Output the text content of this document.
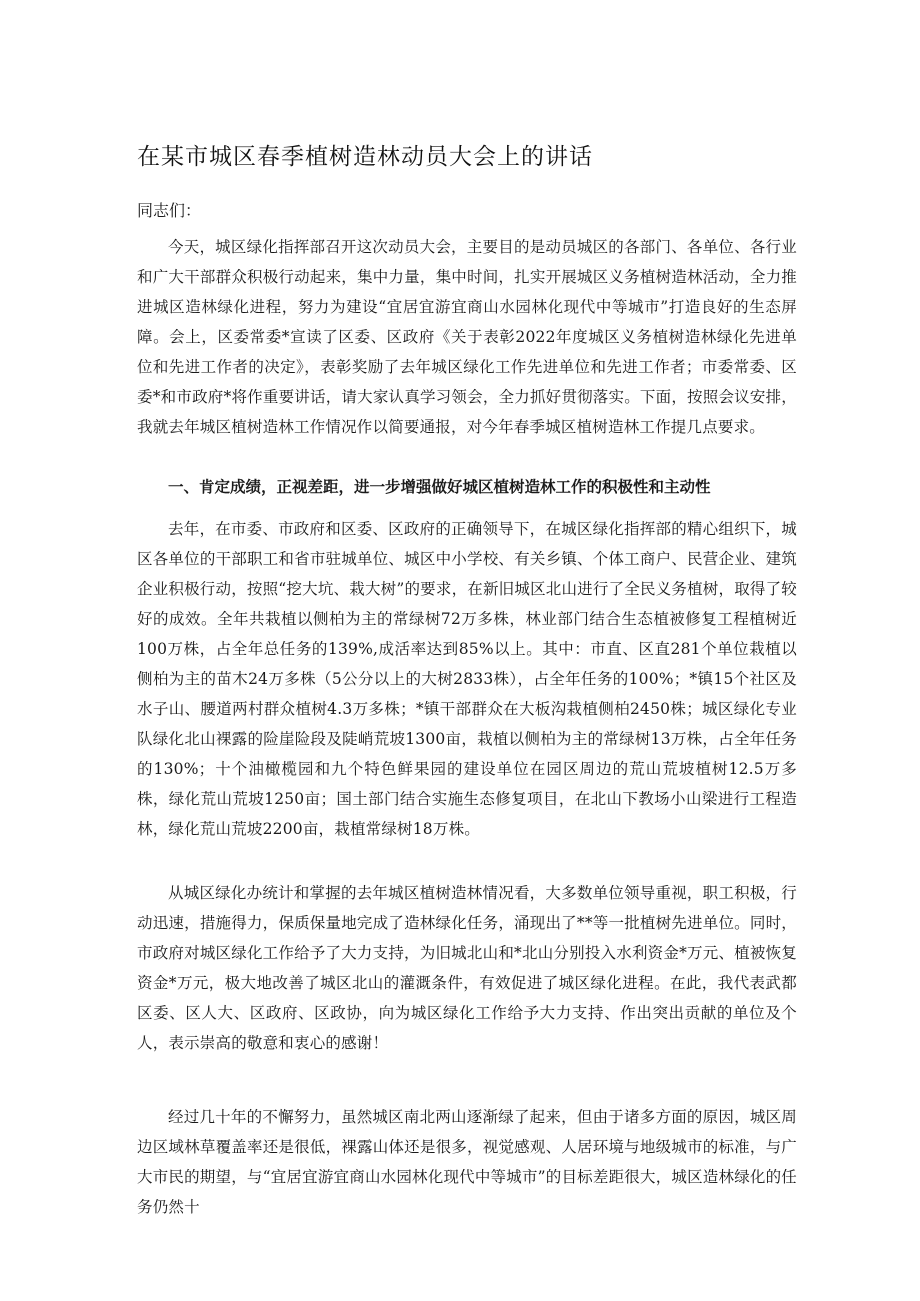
在某市城区春季植树造林动员大会上的讲话

同志们：

今天，城区绿化指挥部召开这次动员大会，主要目的是动员城区的各部门、各单位、各行业和广大干部群众积极行动起来，集中力量，集中时间，扎实开展城区义务植树造林活动，全力推进城区造林绿化进程，努力为建设“宜居宜游宜商山水园林化现代中等城市”打造良好的生态屏障。会上，区委常委*宣读了区委、区政府《关于表彰2022年度城区义务植树造林绿化先进单位和先进工作者的决定》，表彰奖励了去年城区绿化工作先进单位和先进工作者；市委常委、区委*和市政府*将作重要讲话，请大家认真学习领会，全力抓好贯彻落实。下面，按照会议安排，我就去年城区植树造林工作情况作以简要通报，对今年春季城区植树造林工作提几点要求。

一、肯定成绩，正视差距，进一步增强做好城区植树造林工作的积极性和主动性

去年，在市委、市政府和区委、区政府的正确领导下，在城区绿化指挥部的精心组织下，城区各单位的干部职工和省市驻城单位、城区中小学校、有关乡镇、个体工商户、民营企业、建筑企业积极行动，按照“挖大坑、栽大树”的要求，在新旧城区北山进行了全民义务植树，取得了较好的成效。全年共栽植以侧柏为主的常绿树72万多株，林业部门结合生态植被修复工程植树近100万株，占全年总任务的139%,成活率达到85%以上。其中：市直、区直281个单位栽植以侧柏为主的苗木24万多株（5公分以上的大树2833株），占全年任务的100%；*镇15个社区及水子山、腰道两村群众植树4.3万多株；*镇干部群众在大板沟栽植侧柏2450株；城区绿化专业队绿化北山裸露的险崖险段及陡峭荒坡1300亩，栽植以侧柏为主的常绿树13万株，占全年任务的130%；十个油橄榄园和九个特色鲜果园的建设单位在园区周边的荒山荒坡植树12.5万多株，绿化荒山荒坡1250亩；国土部门结合实施生态修复项目，在北山下教场小山梁进行工程造林，绿化荒山荒坡2200亩，栽植常绿树18万株。

从城区绿化办统计和掌握的去年城区植树造林情况看，大多数单位领导重视，职工积极，行动迅速，措施得力，保质保量地完成了造林绿化任务，涌现出了**等一批植树先进单位。同时，市政府对城区绿化工作给予了大力支持，为旧城北山和*北山分别投入水利资金*万元、植被恢复资金*万元，极大地改善了城区北山的灌溉条件，有效促进了城区绿化进程。在此，我代表武都区委、区人大、区政府、区政协，向为城区绿化工作给予大力支持、作出突出贡献的单位及个人，表示崇高的敬意和衷心的感谢！

经过几十年的不懈努力，虽然城区南北两山逐渐绿了起来，但由于诸多方面的原因，城区周边区域林草覆盖率还是很低，裸露山体还是很多，视觉感观、人居环境与地级城市的标准，与广大市民的期望，与“宜居宜游宜商山水园林化现代中等城市”的目标差距很大，城区造林绿化的任务仍然十
